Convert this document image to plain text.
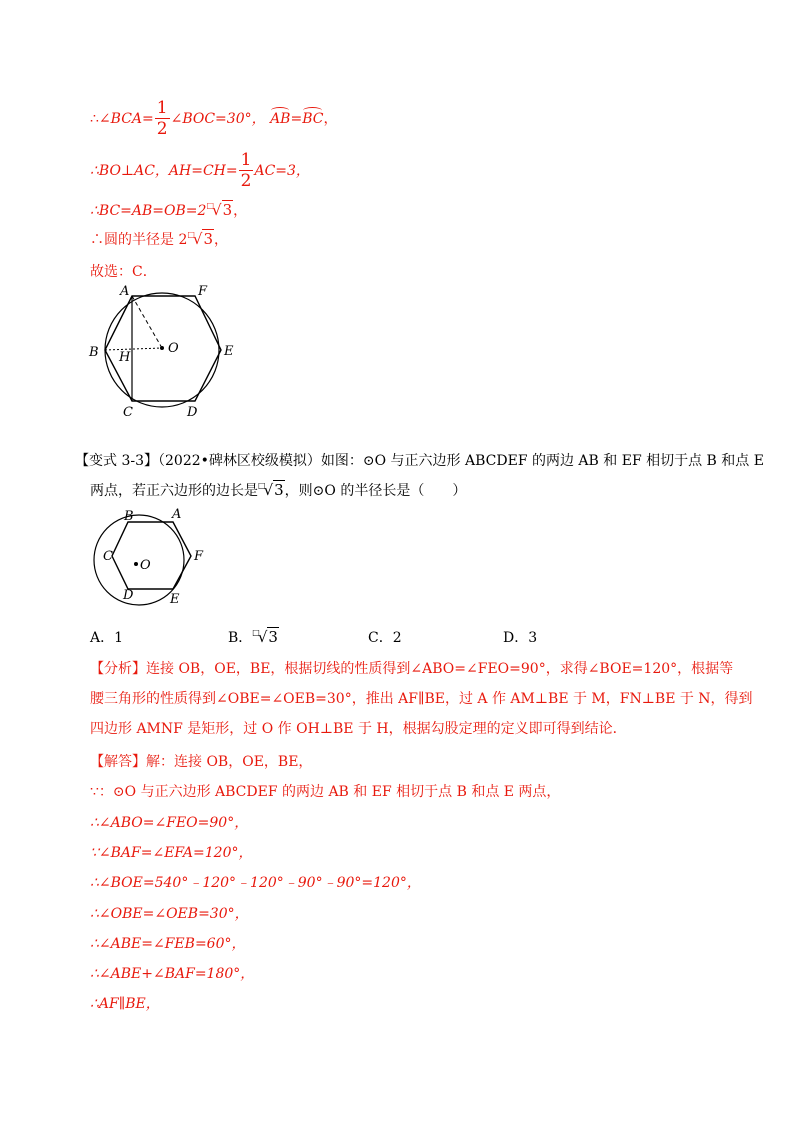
∴∠BCA= $\frac{1}{2}$ ∠BOC=30°， AB=BC，
∴BO⊥AC，$AH=CH= \frac{1}{2} AC=3$，
∴BC=AB=OB=2□√3，
∴圆的半径是 2□√3，
故选：C．
A	F
B H
O	E
C	D
【变式 3-3】（2022•碑林区校级模拟）如图：⊙O 与正六边形 ABCDEF 的两边 AB 和 EF 相切于点 B 和点 E
两点，若正六边形的边长是□√3，则⊙O 的半径长是（　　）
B	A
C
O
F
D	E
A．1	B．□√3	C．2	D．3
【分析】连接 OB，OE，BE，根据切线的性质得到∠ABO=∠FEO=90°，求得∠BOE=120°，根据等
腰三角形的性质得到∠OBE=∠OEB=30°，推出 AF∥BE，过 A 作 AM⊥BE 于 M，FN⊥BE 于 N，得到
四边形 AMNF 是矩形，过 O 作 OH⊥BE 于 H，根据勾股定理的定义即可得到结论．
【解答】解：连接 OB，OE，BE，
∵：⊙O 与正六边形 ABCDEF 的两边 AB 和 EF 相切于点 B 和点 E 两点，
∴∠ABO=∠FEO=90°，
∵∠BAF=∠EFA=120°，
∴∠BOE=540°﹣120°﹣120°﹣90°﹣90°=120°，
∴∠OBE=∠OEB=30°，
∴∠ABE=∠FEB=60°，
∴∠ABE+∠BAF=180°，
∴AF∥BE，
